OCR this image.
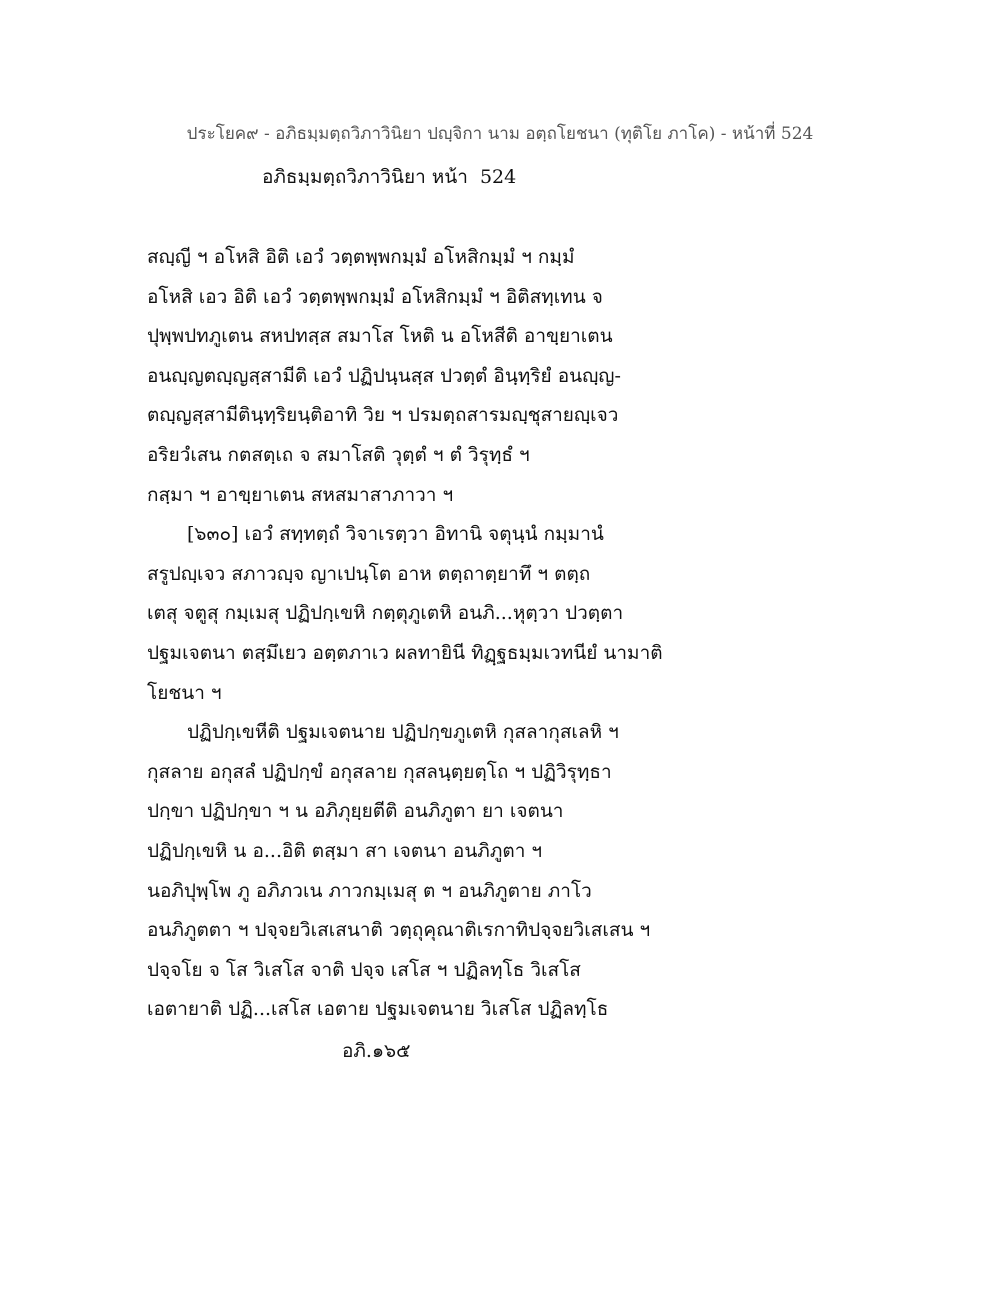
ประโยค๙ - อภิธมฺมตฺถวิภาวินิยา ปญฺจิกา นาม อตฺถโยชนา (ทุติโย ภาโค) - หน้าที่ 524
อภิธมฺมตฺถวิภาวินิยา หน้า 524
สญฺญี ฯ อโหสิ อิติ เอวํ วตฺตพฺพกมฺมํ อโหสิกมฺมํ ฯ กมฺมํ
อโหสิ เอว อิติ เอวํ วตฺตพฺพกมฺมํ อโหสิกมฺมํ ฯ อิติสทฺเทน จ
ปุพฺพปทภูเตน สหปทสฺส สมาโส โหติ น อโหสีติ อาขฺยาเตน
อนญฺญตญฺญสฺสามีติ เอวํ ปฏิปนฺนสฺส ปวตฺตํ อินฺทฺริยํ อนญฺญ-
ตญฺญสฺสามีตินฺทฺริยนฺติอาทิ วิย ฯ ปรมตฺถสารมญฺชุสายญฺเจว
อริยวํเสน กตสตฺเถ จ สมาโสติ วุตฺตํ ฯ ตํ วิรุทฺธํ ฯ
กสฺมา ฯ อาขฺยาเตน สหสมาสาภาวา ฯ
[๖๓๐] เอวํ สทฺทตฺถํ วิจาเรตฺวา อิทานิ จตุนฺนํ กมฺมานํ
สรูปญฺเจว สภาวญฺจ ญาเปนฺโต อาห ตตฺถาตฺยาทึ ฯ ตตฺถ
เตสุ จตูสุ กมฺเมสุ ปฏิปกฺเขหิ กตฺตุภูเตหิ อนภิ...หุตฺวา ปวตฺตา
ปฐมเจตนา ตสฺมึเยว อตฺตภาเว ผลทายินี ทิฏฺฐธมฺมเวทนียํ นามาติ
โยชนา ฯ
ปฏิปกฺเขหีติ ปฐมเจตนาย ปฏิปกฺขภูเตหิ กุสลากุสเลหิ ฯ
กุสลาย อกุสลํ ปฏิปกฺขํ อกุสลาย กุสลนฺตฺยตฺโถ ฯ ปฏิวิรุทฺธา
ปกฺขา ปฏิปกฺขา ฯ น อภิภุยฺยตีติ อนภิภูตา ยา เจตนา
ปฏิปกฺเขหิ น อ...อิติ ตสฺมา สา เจตนา อนภิภูตา ฯ
นอภิปุพฺโพ ภู อภิภวเน ภาวกมฺเมสุ ต ฯ อนภิภูตาย ภาโว
อนภิภูตตา ฯ ปจฺจยวิเสเสนาติ วตฺถุคุณาติเรกาทิปจฺจยวิเสเสน ฯ
ปจฺจโย จ โส วิเสโส จาติ ปจฺจ เสโส ฯ ปฏิลทฺโธ วิเสโส
เอตายาติ ปฏิ...เสโส เอตาย ปฐมเจตนาย วิเสโส ปฏิลทฺโธ
อภิ.๑๖๕
